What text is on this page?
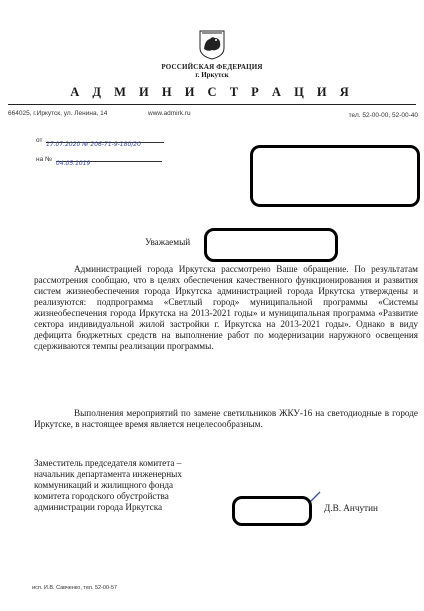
РОССИЙСКАЯ ФЕДЕРАЦИЯ
г. Иркутск
А Д М И Н И С Т Р А Ц И Я
664025, г.Иркутск, ул. Ленина, 14	www.admirk.ru	тел. 52-00-00, 52-00-40
от
17.07.2020 № 206-71-9-180/20
на №
04.05.1019
Уважаемый
Администрацией города Иркутска рассмотрено Ваше обращение. По результатам рассмотрения сообщаю, что в целях обеспечения качественного функционирования и развития систем жизнеобеспечения города Иркутска администрацией города Иркутска утверждены и реализуются: подпрограмма «Светлый город» муниципальной программы «Системы жизнеобеспечения города Иркутска на 2013-2021 годы» и муниципальная программа «Развитие сектора индивидуальной жилой застройки г. Иркутска на 2013-2021 годы». Однако в виду дефицита бюджетных средств на выполнение работ по модернизации наружного освещения сдерживаются темпы реализации программы.
Выполнения мероприятий по замене светильников ЖКУ-16 на светодиодные в городе Иркутске, в настоящее время является нецелесообразным.
Заместитель председателя комитета –
начальник департамента инженерных
коммуникаций и жилищного фонда
комитета городского обустройства
администрации города Иркутска	Д.В. Анчутин
исп. И.В. Савченко, тел. 52-00-57
